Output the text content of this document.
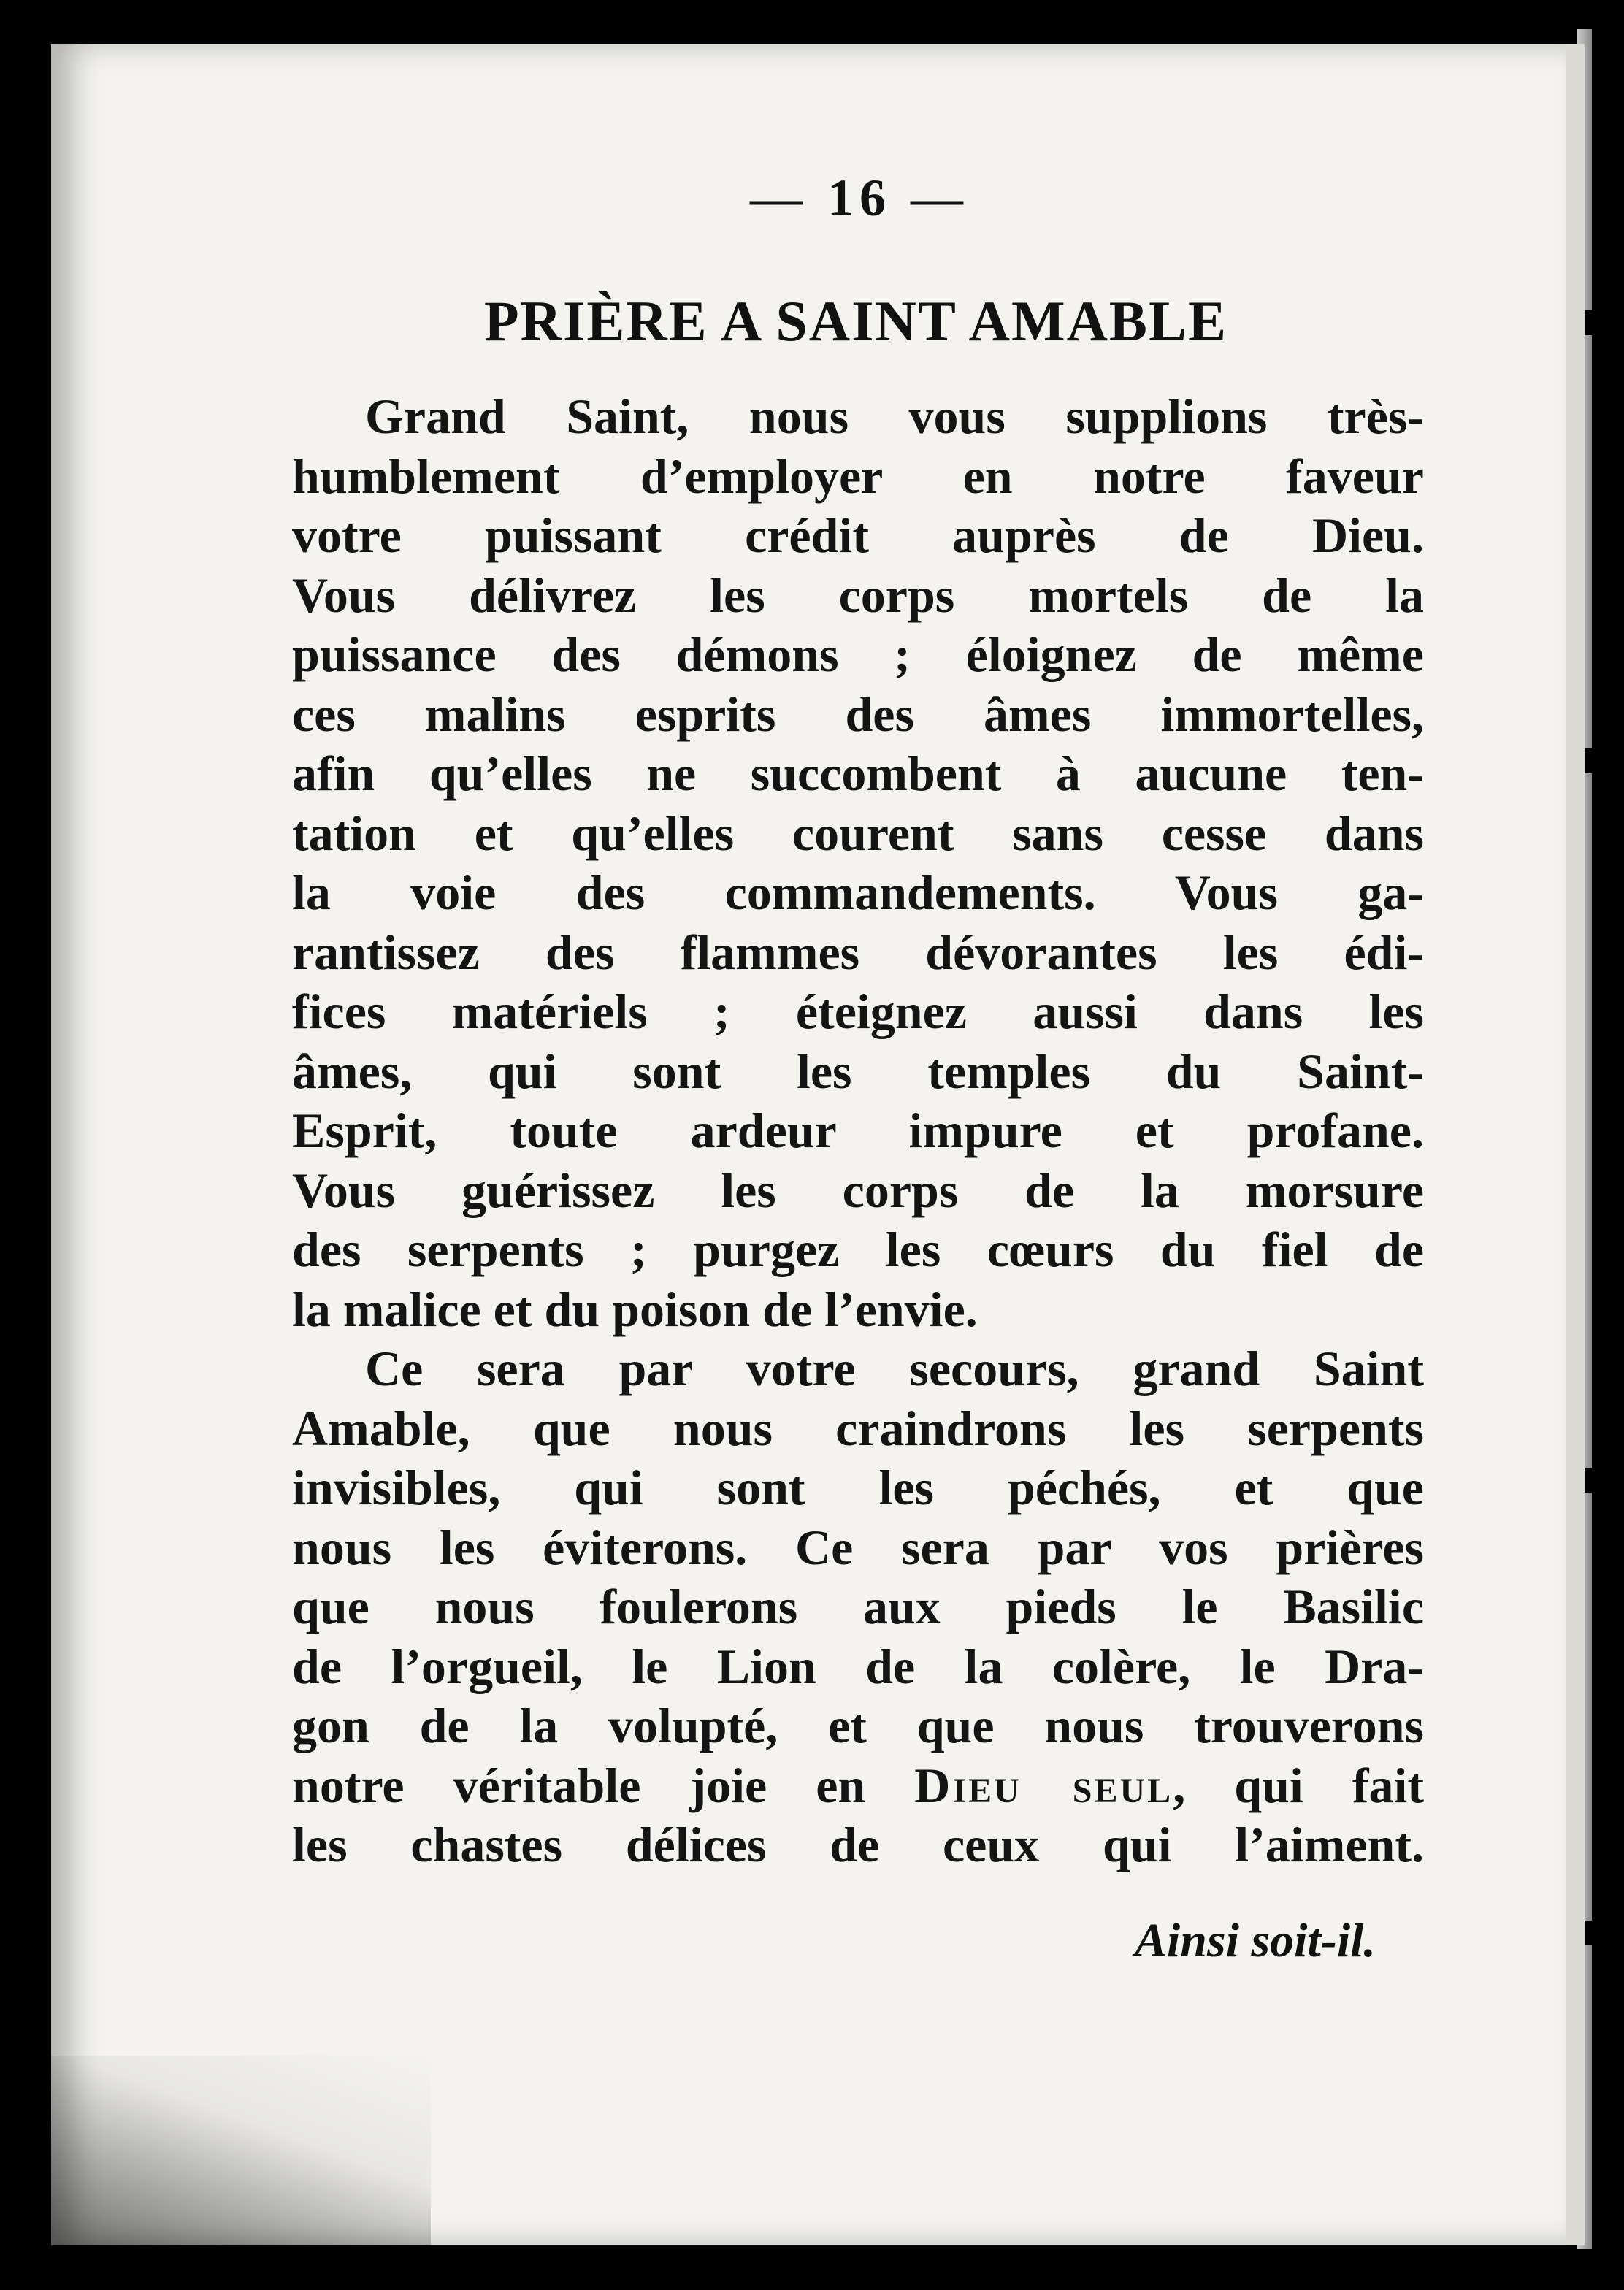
— 16 —
PRIÈRE A SAINT AMABLE
Grand Saint, nous vous supplions très-
humblement d’employer en notre faveur
votre puissant crédit auprès de Dieu.
Vous délivrez les corps mortels de la
puissance des démons ; éloignez de même
ces malins esprits des âmes immortelles,
afin qu’elles ne succombent à aucune ten-
tation et qu’elles courent sans cesse dans
la voie des commandements. Vous ga-
rantissez des flammes dévorantes les édi-
fices matériels ; éteignez aussi dans les
âmes, qui sont les temples du Saint-
Esprit, toute ardeur impure et profane.
Vous guérissez les corps de la morsure
des serpents ; purgez les cœurs du fiel de
la malice et du poison de l’envie.
Ce sera par votre secours, grand Saint
Amable, que nous craindrons les serpents
invisibles, qui sont les péchés, et que
nous les éviterons. Ce sera par vos prières
que nous foulerons aux pieds le Basilic
de l’orgueil, le Lion de la colère, le Dra-
gon de la volupté, et que nous trouverons
notre véritable joie en Dieu seul, qui fait
les chastes délices de ceux qui l’aiment.
Ainsi soit-il.
